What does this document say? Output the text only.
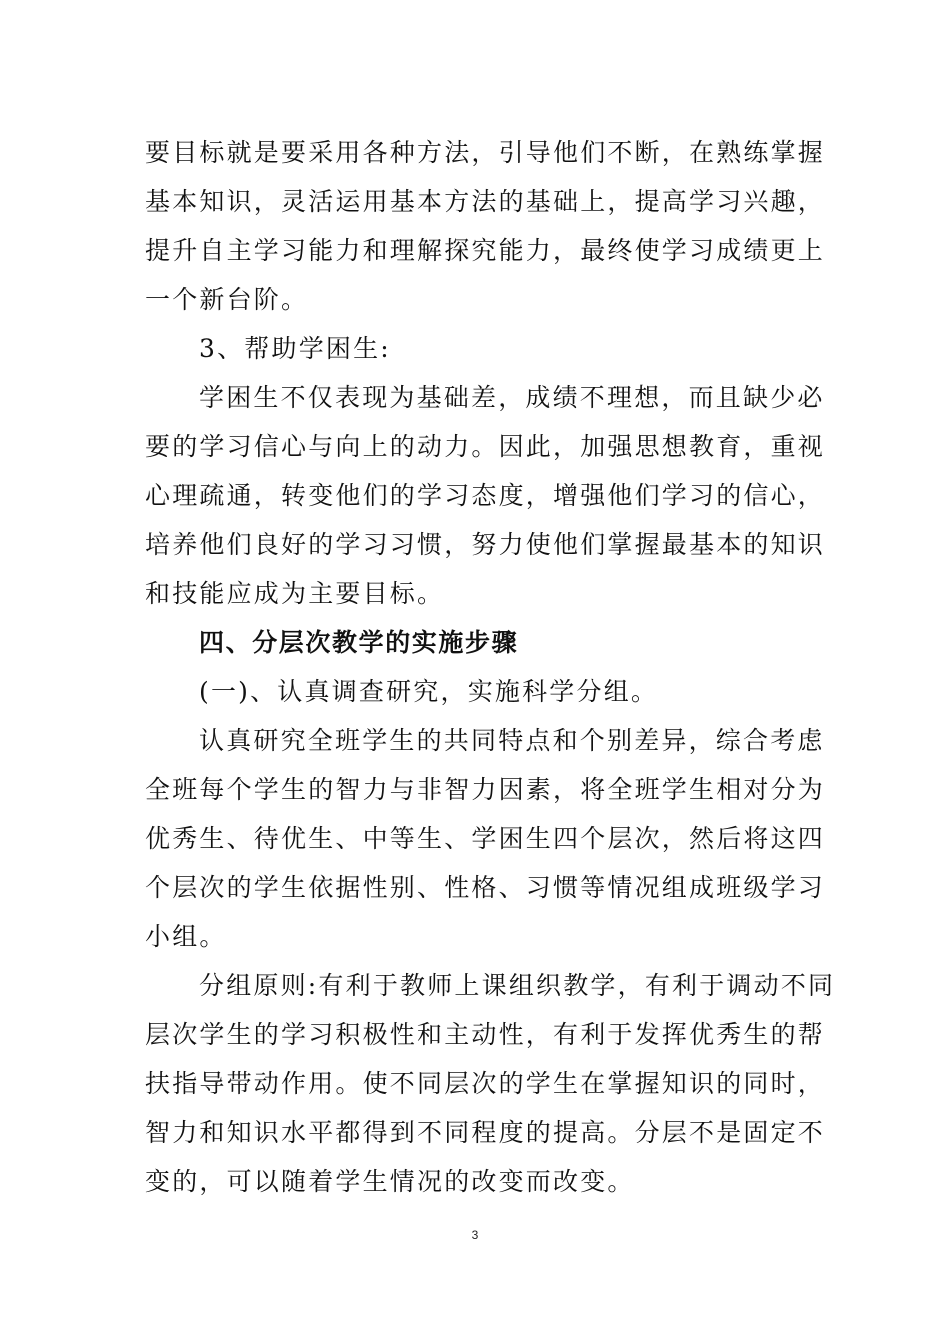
要目标就是要采用各种方法，引导他们不断，在熟练掌握
基本知识，灵活运用基本方法的基础上，提高学习兴趣，
提升自主学习能力和理解探究能力，最终使学习成绩更上
一个新台阶。
3、帮助学困生:
学困生不仅表现为基础差，成绩不理想，而且缺少必
要的学习信心与向上的动力。因此，加强思想教育，重视
心理疏通，转变他们的学习态度，增强他们学习的信心，
培养他们良好的学习习惯，努力使他们掌握最基本的知识
和技能应成为主要目标。
四、分层次教学的实施步骤
(一)、认真调查研究，实施科学分组。
认真研究全班学生的共同特点和个别差异，综合考虑
全班每个学生的智力与非智力因素，将全班学生相对分为
优秀生、待优生、中等生、学困生四个层次，然后将这四
个层次的学生依据性别、性格、习惯等情况组成班级学习
小组。
分组原则:有利于教师上课组织教学，有利于调动不同
层次学生的学习积极性和主动性，有利于发挥优秀生的帮
扶指导带动作用。使不同层次的学生在掌握知识的同时，
智力和知识水平都得到不同程度的提高。分层不是固定不
变的，可以随着学生情况的改变而改变。
3
